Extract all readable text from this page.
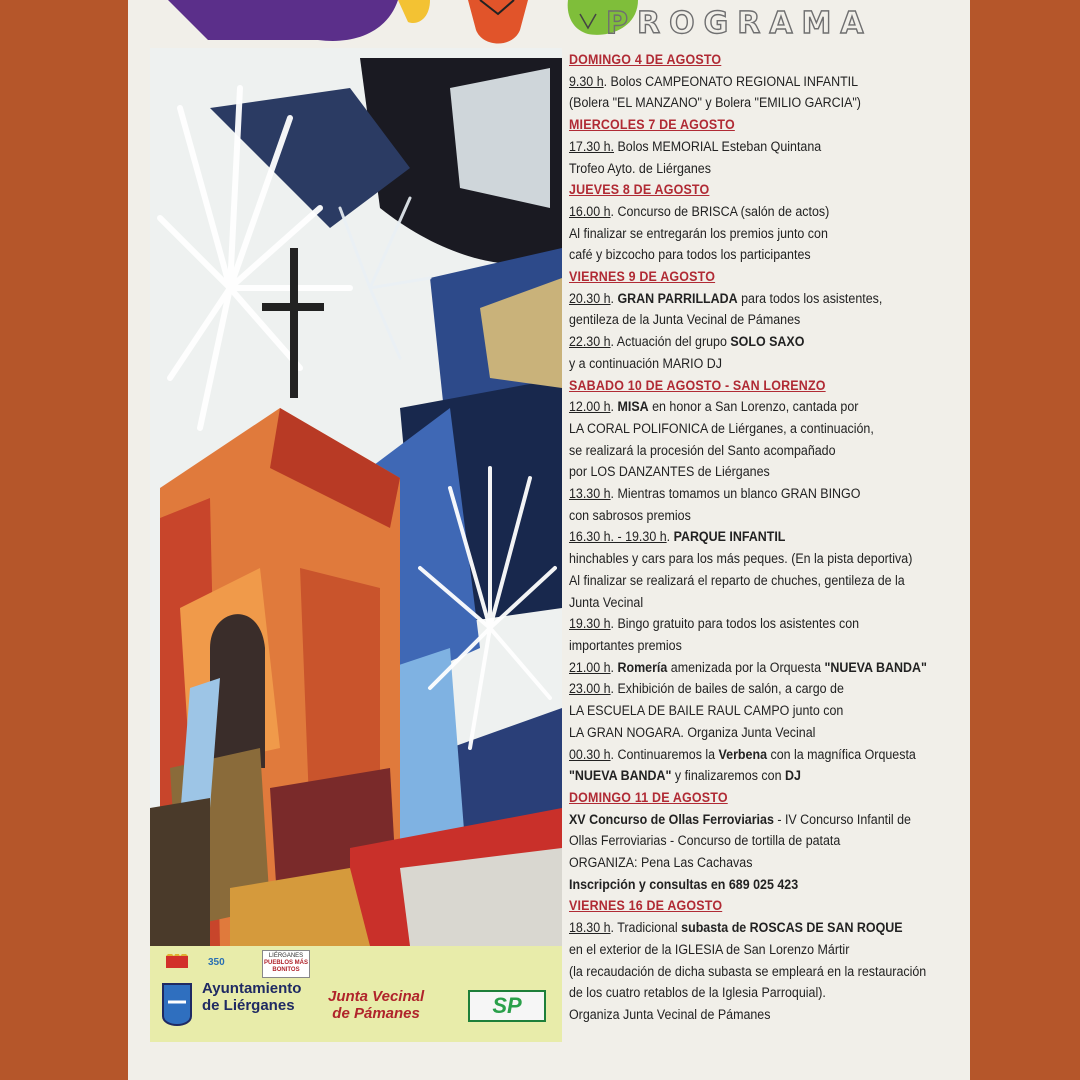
PROGRAMA
350
LIÉRGANES
PUEBLOS MÁS BONITOS
Ayuntamiento
de Liérganes
Junta Vecinal
de Pámanes	SP
DOMINGO 4 DE AGOSTO
9.30 h. Bolos CAMPEONATO REGIONAL INFANTIL
(Bolera "EL MANZANO" y Bolera "EMILIO GARCIA")
MIERCOLES 7 DE AGOSTO
17.30 h. Bolos MEMORIAL Esteban Quintana
Trofeo Ayto. de Liérganes
JUEVES 8 DE AGOSTO
16.00 h. Concurso de BRISCA (salón de actos)
Al finalizar se entregarán los premios junto con
café y bizcocho para todos los participantes
VIERNES 9 DE AGOSTO
20.30 h. GRAN PARRILLADA para todos los asistentes,
gentileza de la Junta Vecinal de Pámanes
22.30 h. Actuación del grupo SOLO SAXO
y a continuación MARIO DJ
SABADO 10 DE AGOSTO - SAN LORENZO
12.00 h. MISA en honor a San Lorenzo, cantada por
LA CORAL POLIFONICA de Liérganes, a continuación,
se realizará la procesión del Santo acompañado
por LOS DANZANTES de Liérganes
13.30 h. Mientras tomamos un blanco GRAN BINGO
con sabrosos premios
16.30 h. - 19.30 h. PARQUE INFANTIL
hinchables y cars para los más peques. (En la pista deportiva)
Al finalizar se realizará el reparto de chuches, gentileza de la
Junta Vecinal
19.30 h. Bingo gratuito para todos los asistentes con
importantes premios
21.00 h. Romería amenizada por la Orquesta "NUEVA BANDA"
23.00 h. Exhibición de bailes de salón, a cargo de
LA ESCUELA DE BAILE RAUL CAMPO junto con
LA GRAN NOGARA. Organiza Junta Vecinal
00.30 h. Continuaremos la Verbena con la magnífica Orquesta
"NUEVA BANDA" y finalizaremos con DJ
DOMINGO 11 DE AGOSTO
XV Concurso de Ollas Ferroviarias - IV Concurso Infantil de
Ollas Ferroviarias - Concurso de tortilla de patata
ORGANIZA: Pena Las Cachavas
Inscripción y consultas en 689 025 423
VIERNES 16 DE AGOSTO
18.30 h. Tradicional subasta de ROSCAS DE SAN ROQUE
en el exterior de la IGLESIA de San Lorenzo Mártir
(la recaudación de dicha subasta se empleará en la restauración
de los cuatro retablos de la Iglesia Parroquial).
Organiza Junta Vecinal de Pámanes
